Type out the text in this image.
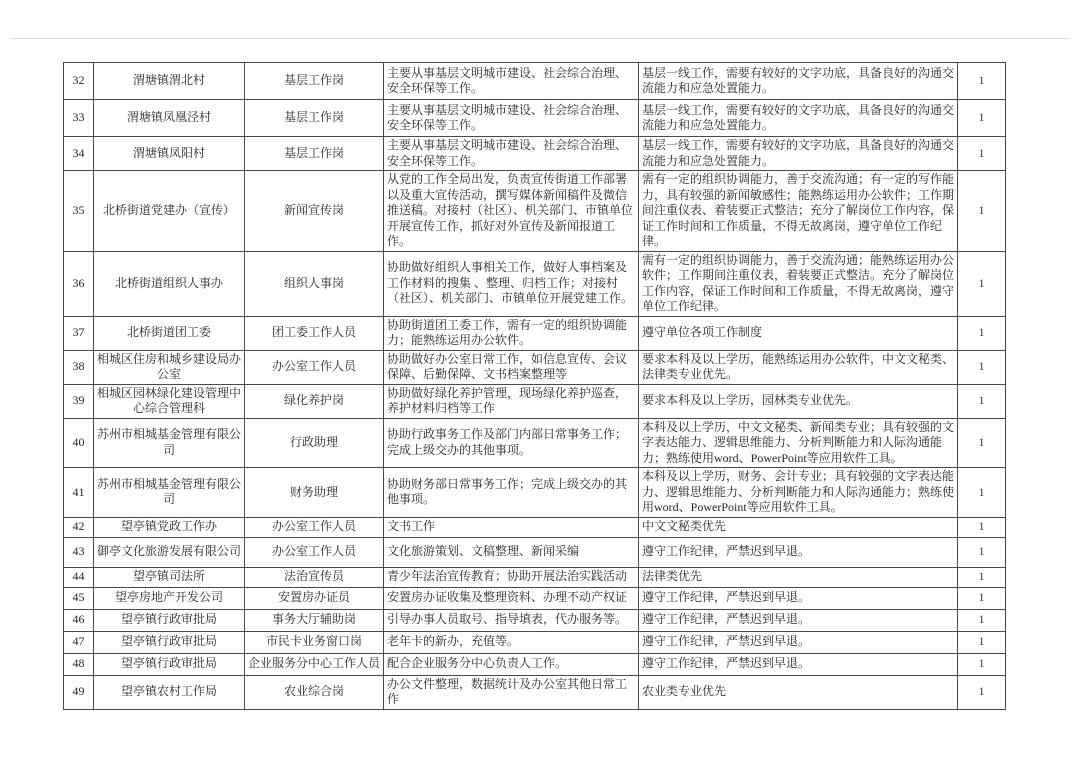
32	渭塘镇渭北村	基层工作岗	主要从事基层文明城市建设、社会综合治理、安全环保等工作。	基层一线工作，需要有较好的文字功底，具备良好的沟通交流能力和应急处置能力。	1
33	渭塘镇凤凰泾村	基层工作岗	主要从事基层文明城市建设、社会综合治理、安全环保等工作。	基层一线工作，需要有较好的文字功底，具备良好的沟通交流能力和应急处置能力。	1
34	渭塘镇凤阳村	基层工作岗	主要从事基层文明城市建设、社会综合治理、安全环保等工作。	基层一线工作，需要有较好的文字功底，具备良好的沟通交流能力和应急处置能力。	1
35	北桥街道党建办（宣传）	新闻宣传岗	从党的工作全局出发，负责宣传街道工作部署以及重大宣传活动，撰写媒体新闻稿件及微信推送稿。对接村（社区）、机关部门、市镇单位开展宣传工作，抓好对外宣传及新闻报道工作。	需有一定的组织协调能力，善于交流沟通；有一定的写作能力，具有较强的新闻敏感性；能熟练运用办公软件；工作期间注重仪表、着装要正式整洁；充分了解岗位工作内容，保证工作时间和工作质量，不得无故离岗，遵守单位工作纪律。	1
36	北桥街道组织人事办	组织人事岗	协助做好组织人事相关工作，做好人事档案及工作材料的搜集 、整理、归档工作；对接村（社区）、机关部门、市镇单位开展党建工作。	需有一定的组织协调能力，善于交流沟通；能熟练运用办公软件；工作期间注重仪表，着装要正式整洁。充分了解岗位工作内容，保证工作时间和工作质量，不得无故离岗，遵守单位工作纪律。	1
37	北桥街道团工委	团工委工作人员	协助街道团工委工作，需有一定的组织协调能力；能熟练运用办公软件。	遵守单位各项工作制度	1
38	相城区住房和城乡建设局办公室	办公室工作人员	协助做好办公室日常工作，如信息宣传、会议保障、后勤保障、文书档案整理等	要求本科及以上学历，能熟练运用办公软件，中文文秘类、法律类专业优先。	1
39	相城区园林绿化建设管理中心综合管理科	绿化养护岗	协助做好绿化养护管理，现场绿化养护巡查，养护材料归档等工作	要求本科及以上学历，园林类专业优先。	1
40	苏州市相城基金管理有限公司	行政助理	协助行政事务工作及部门内部日常事务工作；完成上级交办的其他事项。	本科及以上学历，中文文秘类、新闻类专业；具有较强的文字表达能力、逻辑思维能力、分析判断能力和人际沟通能力；熟练使用word、PowerPoint等应用软件工具。	1
41	苏州市相城基金管理有限公司	财务助理	协助财务部日常事务工作；完成上级交办的其他事项。	本科及以上学历，财务、会计专业；具有较强的文字表达能力、逻辑思维能力、分析判断能力和人际沟通能力；熟练使用word、PowerPoint等应用软件工具。	1
42	望亭镇党政工作办	办公室工作人员	文书工作	中文文秘类优先	1
43	御亭文化旅游发展有限公司	办公室工作人员	文化旅游策划、文稿整理、新闻采编	遵守工作纪律，严禁迟到早退。	1
44	望亭镇司法所	法治宣传员	青少年法治宣传教育；协助开展法治实践活动	法律类优先	1
45	望亭房地产开发公司	安置房办证员	安置房办证收集及整理资料、办理不动产权证	遵守工作纪律，严禁迟到早退。	1
46	望亭镇行政审批局	事务大厅辅助岗	引导办事人员取号、指导填表，代办服务等。	遵守工作纪律，严禁迟到早退。	1
47	望亭镇行政审批局	市民卡业务窗口岗	老年卡的新办，充值等。	遵守工作纪律，严禁迟到早退。	1
48	望亭镇行政审批局	企业服务分中心工作人员	配合企业服务分中心负责人工作。	遵守工作纪律，严禁迟到早退。	1
49	望亭镇农村工作局	农业综合岗	办公文件整理，数据统计及办公室其他日常工作	农业类专业优先	1
